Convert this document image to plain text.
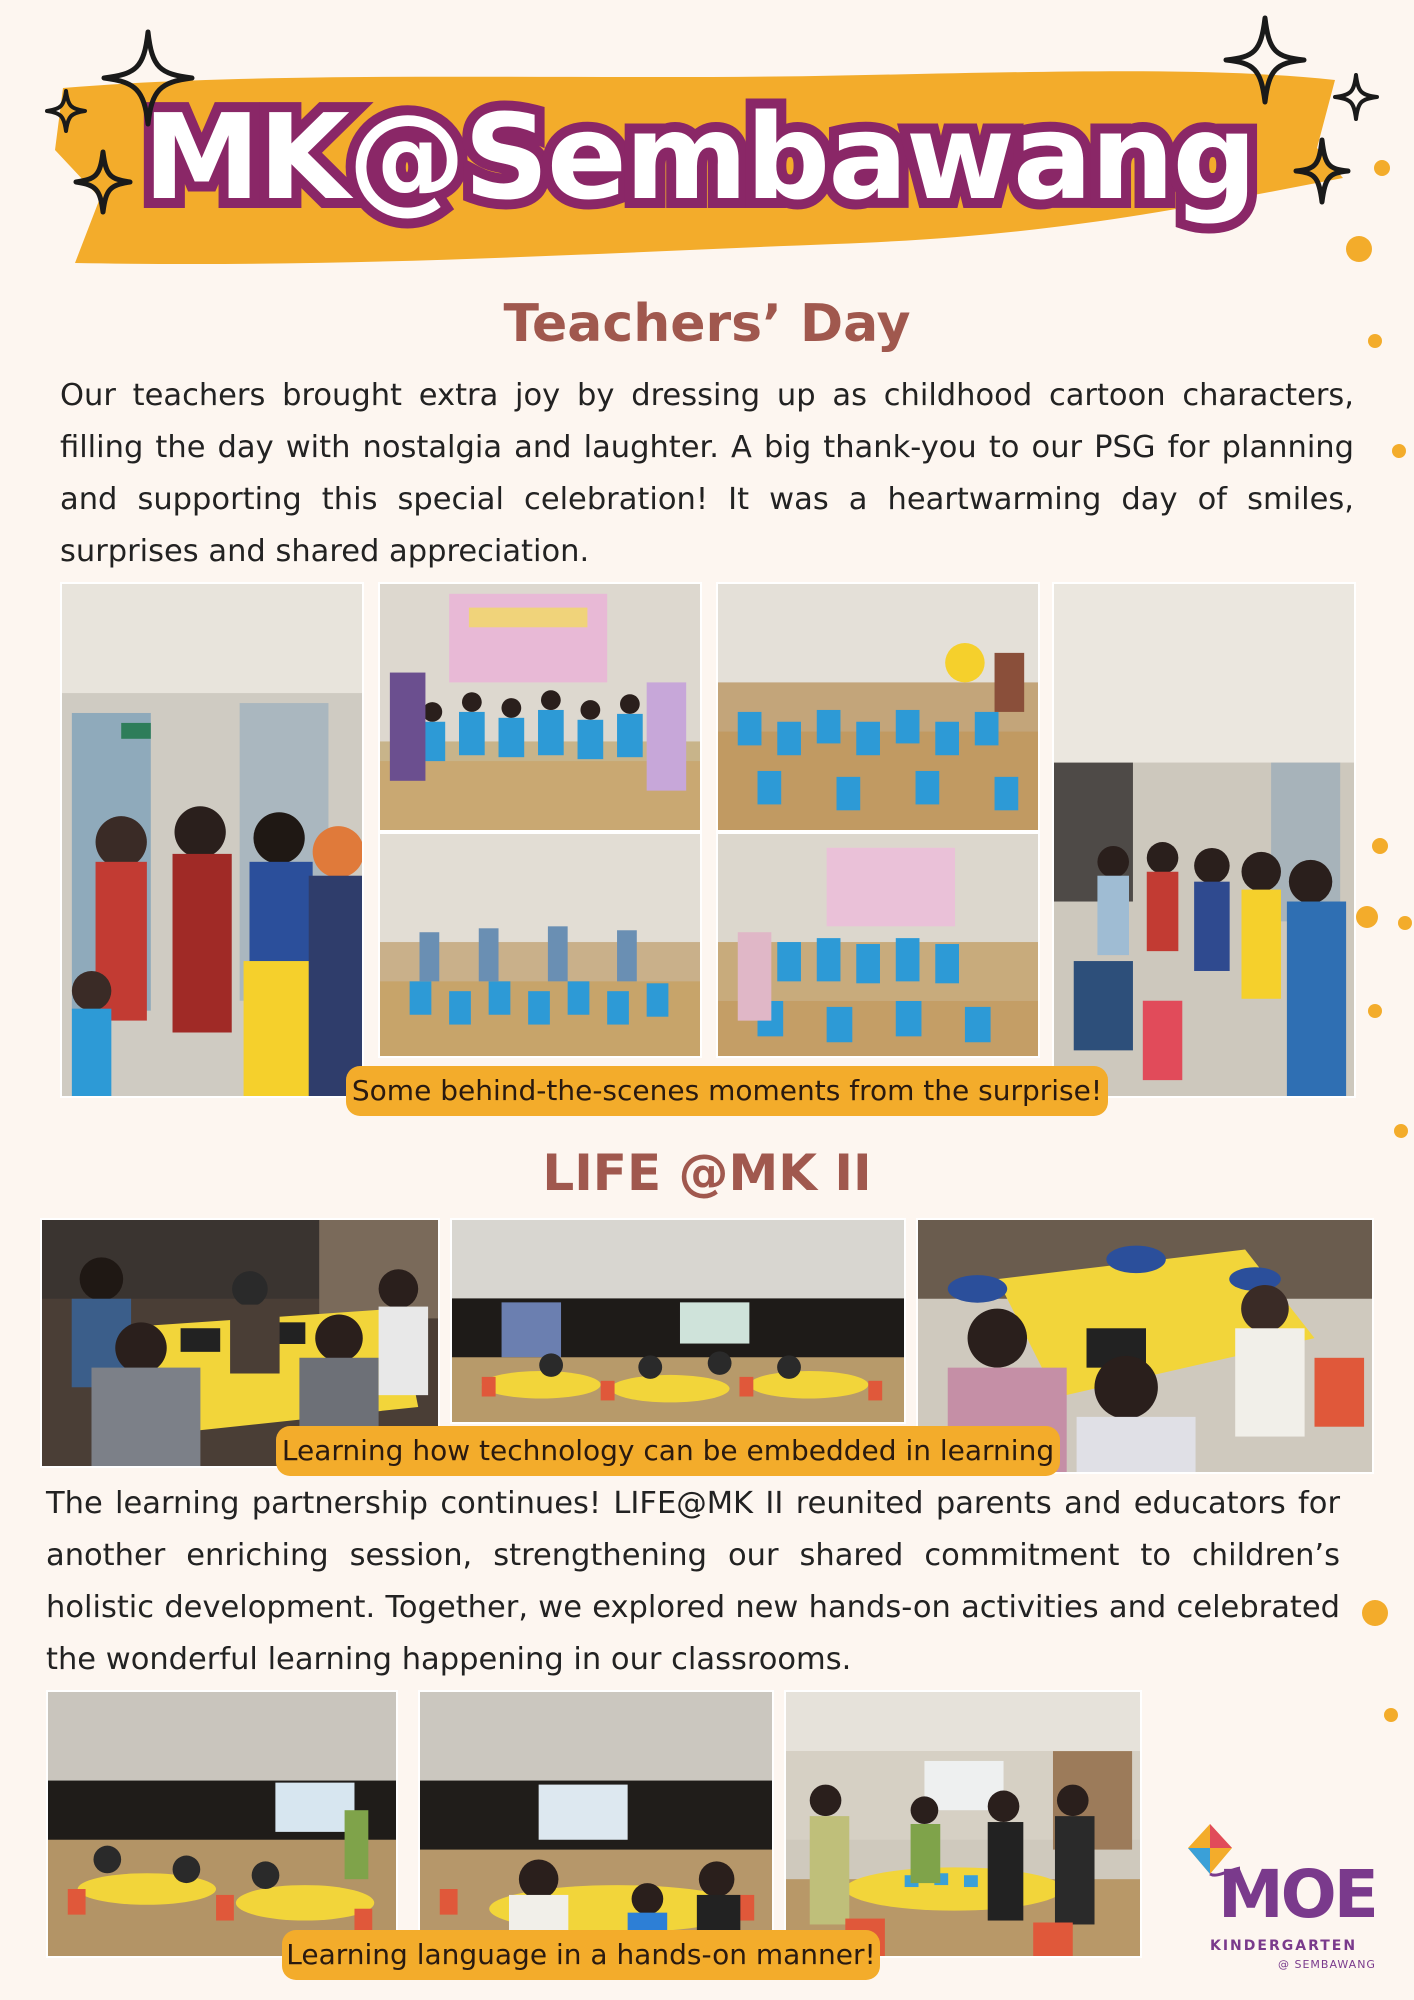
MK@Sembawang
Teachers’ Day

Our teachers brought extra joy by dressing up as childhood cartoon characters, filling the day with nostalgia and laughter. A big thank-you to our PSG for planning and supporting this special celebration! It was a heartwarming day of smiles, surprises and shared appreciation.

Some behind-the-scenes moments from the surprise!
LIFE @MK II
Learning how technology can be embedded in learning

The learning partnership continues! LIFE@MK II reunited parents and educators for another enriching session, strengthening our shared commitment to children’s holistic development. Together, we explored new hands-on activities and celebrated the wonderful learning happening in our classrooms.

Learning language in a hands-on manner!
MOE
KINDERGARTEN
@ SEMBAWANG
